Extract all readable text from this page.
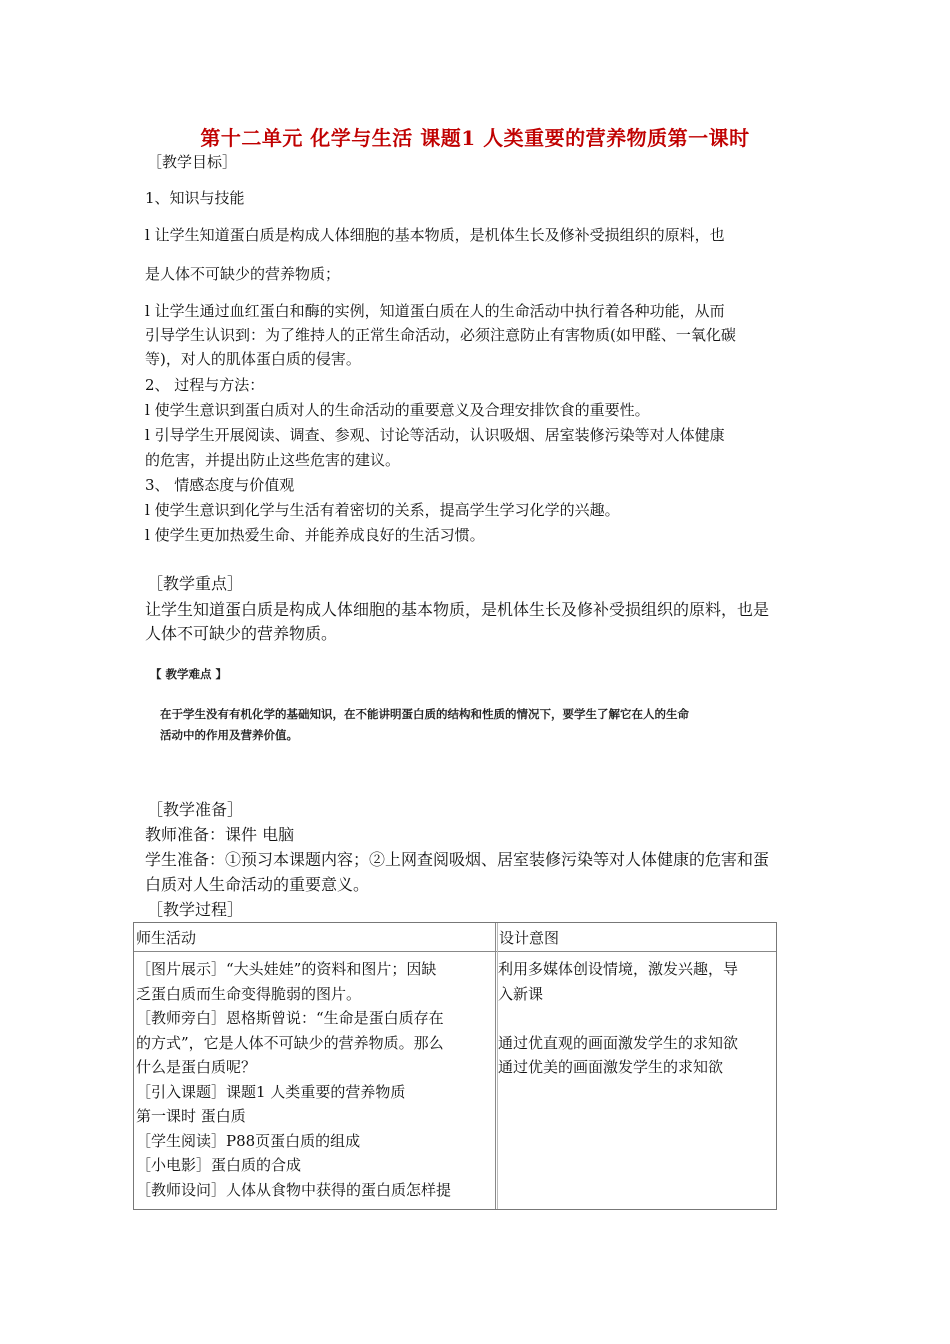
第十二单元 化学与生活 课题1 人类重要的营养物质第一课时
［教学目标］
1、知识与技能
l 让学生知道蛋白质是构成人体细胞的基本物质，是机体生长及修补受损组织的原料，也
是人体不可缺少的营养物质；
l 让学生通过血红蛋白和酶的实例，知道蛋白质在人的生命活动中执行着各种功能，从而
引导学生认识到：为了维持人的正常生命活动，必须注意防止有害物质(如甲醛、一氧化碳
等)，对人的肌体蛋白质的侵害。
2、 过程与方法：
l 使学生意识到蛋白质对人的生命活动的重要意义及合理安排饮食的重要性。
l 引导学生开展阅读、调查、参观、讨论等活动，认识吸烟、居室装修污染等对人体健康
的危害，并提出防止这些危害的建议。
3、 情感态度与价值观
l 使学生意识到化学与生活有着密切的关系，提高学生学习化学的兴趣。
l 使学生更加热爱生命、并能养成良好的生活习惯。
［教学重点］
让学生知道蛋白质是构成人体细胞的基本物质，是机体生长及修补受损组织的原料，也是
人体不可缺少的营养物质。
【 教学难点 】
在于学生没有有机化学的基础知识，在不能讲明蛋白质的结构和性质的情况下，要学生了解它在人的生命
活动中的作用及营养价值。
［教学准备］
教师准备：课件 电脑
学生准备：①预习本课题内容；②上网查阅吸烟、居室装修污染等对人体健康的危害和蛋
白质对人生命活动的重要意义。
［教学过程］
师生活动	设计意图
［图片展示］“大头娃娃”的资料和图片；因缺
乏蛋白质而生命变得脆弱的图片。
［教师旁白］恩格斯曾说：“生命是蛋白质存在
的方式”，它是人体不可缺少的营养物质。那么
什么是蛋白质呢？
［引入课题］课题1 人类重要的营养物质
第一课时 蛋白质
［学生阅读］P88页蛋白质的组成
［小电影］蛋白质的合成
［教师设问］人体从食物中获得的蛋白质怎样提
利用多媒体创设情境，激发兴趣，导
入新课

通过优直观的画面激发学生的求知欲
通过优美的画面激发学生的求知欲
